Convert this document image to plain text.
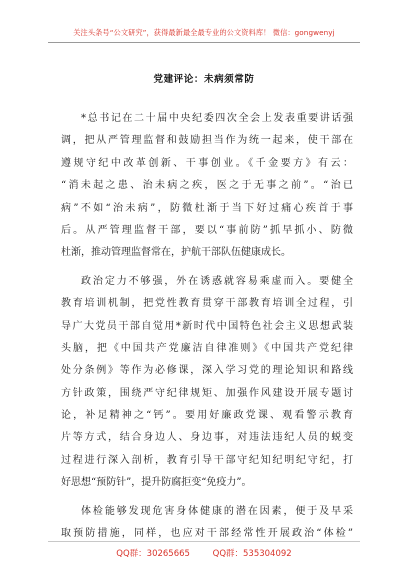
关注头条号“公文研究”，获得最新最全最专业的公文资料库！ 微信：gongwenyj
党建评论：未病须常防
*总书记在二十届中央纪委四次全会上发表重要讲话强
调，把从严管理监督和鼓励担当作为统一起来，使干部在
遵规守纪中改革创新、干事创业。《千金要方》有云：
“消未起之患、治未病之疾，医之于无事之前”。“治已
病”不如“治未病”，防微杜渐于当下好过痛心疾首于事
后。从严管理监督干部，要以“事前防”抓早抓小、防微
杜渐，推动管理监督常在，护航干部队伍健康成长。
政治定力不够强，外在诱惑就容易乘虚而入。要健全
教育培训机制，把党性教育贯穿干部教育培训全过程，引
导广大党员干部自觉用*新时代中国特色社会主义思想武装
头脑，把《中国共产党廉洁自律准则》《中国共产党纪律
处分条例》等作为必修课，深入学习党的理论知识和路线
方针政策，围绕严守纪律规矩、加强作风建设开展专题讨
论，补足精神之“钙”。要用好廉政党课、观看警示教育
片等方式，结合身边人、身边事，对违法违纪人员的蜕变
过程进行深入剖析，教育引导干部守纪知纪明纪守纪，打
好思想“预防针”，提升防腐拒变“免疫力”。
体检能够发现危害身体健康的潜在因素，便于及早采
取预防措施，同样，也应对干部经常性开展政治“体检”
QQ群：30265665	QQ群：535304092
